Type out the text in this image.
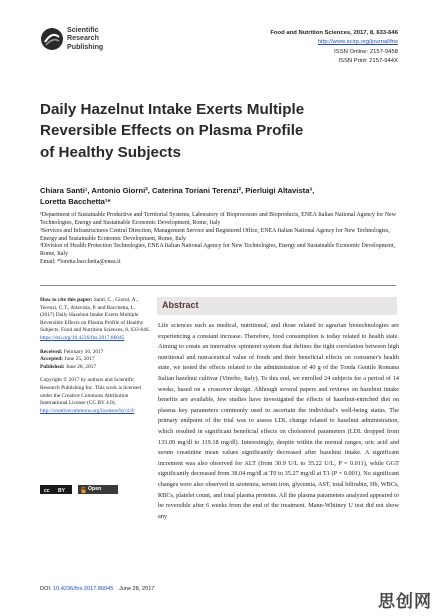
Scientific
Research
Publishing
Food and Nutrition Sciences, 2017, 8, 633-646
http://www.scirp.org/journal/fns
ISSN Online: 2157-9458
ISSN Print: 2157-944X
Daily Hazelnut Intake Exerts Multiple
Reversible Effects on Plasma Profile
of Healthy Subjects
Chiara Santi¹, Antonio Giorni², Caterina Toriani Terenzi², Pierluigi Altavista³,
Loretta Bacchetta¹*

¹Department of Sustainable Productive and Territorial Systems, Laboratory of Bioprocesses and Bioproducts, ENEA Italian National Agency for New Technologies, Energy and Sustainable Economic Development, Rome, Italy

²Services and Infrastructures Central Direction, Management Service and Registered Office, ENEA Italian National Agency for New Technologies, Energy and Sustainable Economic Development, Rome, Italy

³Division of Health Protection Technologies, ENEA Italian National Agency for New Technologies, Energy and Sustainable Economic Development, Rome, Italy

Email: *loretta.bacchetta@enea.it

How to cite this paper: Santi, C., Giorni, A., Terenzi, C.T., Altavista, P. and Bacchetta, L. (2017) Daily Hazelnut Intake Exerts Multiple Reversible Effects on Plasma Profile of Healthy Subjects. Food and Nutrition Sciences, 8, 633-646. https://doi.org/10.4236/fns.2017.86045

Received: February 10, 2017

Accepted: June 25, 2017

Published: June 28, 2017

Copyright © 2017 by authors and Scientific Research Publishing Inc. This work is licensed under the Creative Commons Attribution International License (CC BY 4.0). http://creativecommons.org/licenses/by/4.0/
cc BY	Open Access
Abstract
Life sciences such as medical, nutritional, and those related to agrarian biotechnologies are experiencing a constant increase. Therefore, food consumption is today related to health state. Aiming to create an innovative spinneret system that defines the tight correlation between high nutritional and nutraceutical value of foods and their beneficial effects on consumer's health state, we tested the effects related to the administration of 40 g of the Tonda Gentile Romana Italian hazelnut cultivar (Viterbo, Italy). To this end, we enrolled 24 subjects for a period of 14 weeks, based on a crossover design. Although several papers and reviews on hazelnut intake benefits are available, few studies have investigated the effects of hazelnut-enriched diet on plasma key parameters commonly used to ascertain the individual's well-being status. The primary endpoint of the trial was to assess LDL change related to hazelnut administration, which resulted in significant beneficial effects on cholesterol parameters (LDL dropped from 133.09 mg/dl to 119.18 mg/dl). Interestingly, despite within the normal ranges, uric acid and serum creatinine mean values significantly decreased after hazelnut intake. A significant increment was also observed for ALT (from 30.9 U/L to 35.22 U/L, P = 0.011), while GGT significantly decreased from 38.04 mg/dl at T0 to 35.27 mg/dl at T1 (P = 0.001). No significant changes were also observed in azotemia, serum iron, glycemia, AST, total bilirubin, Hb, WBCs, RBCs, platelet count, and total plasma proteins. All the plasma parameters analyzed appeared to be reversible after 6 weeks from the end of the treatment. Mann-Whitney U test did not show any
DOI: 10.4236/fns.2017.86045 June 28, 2017
思创网
